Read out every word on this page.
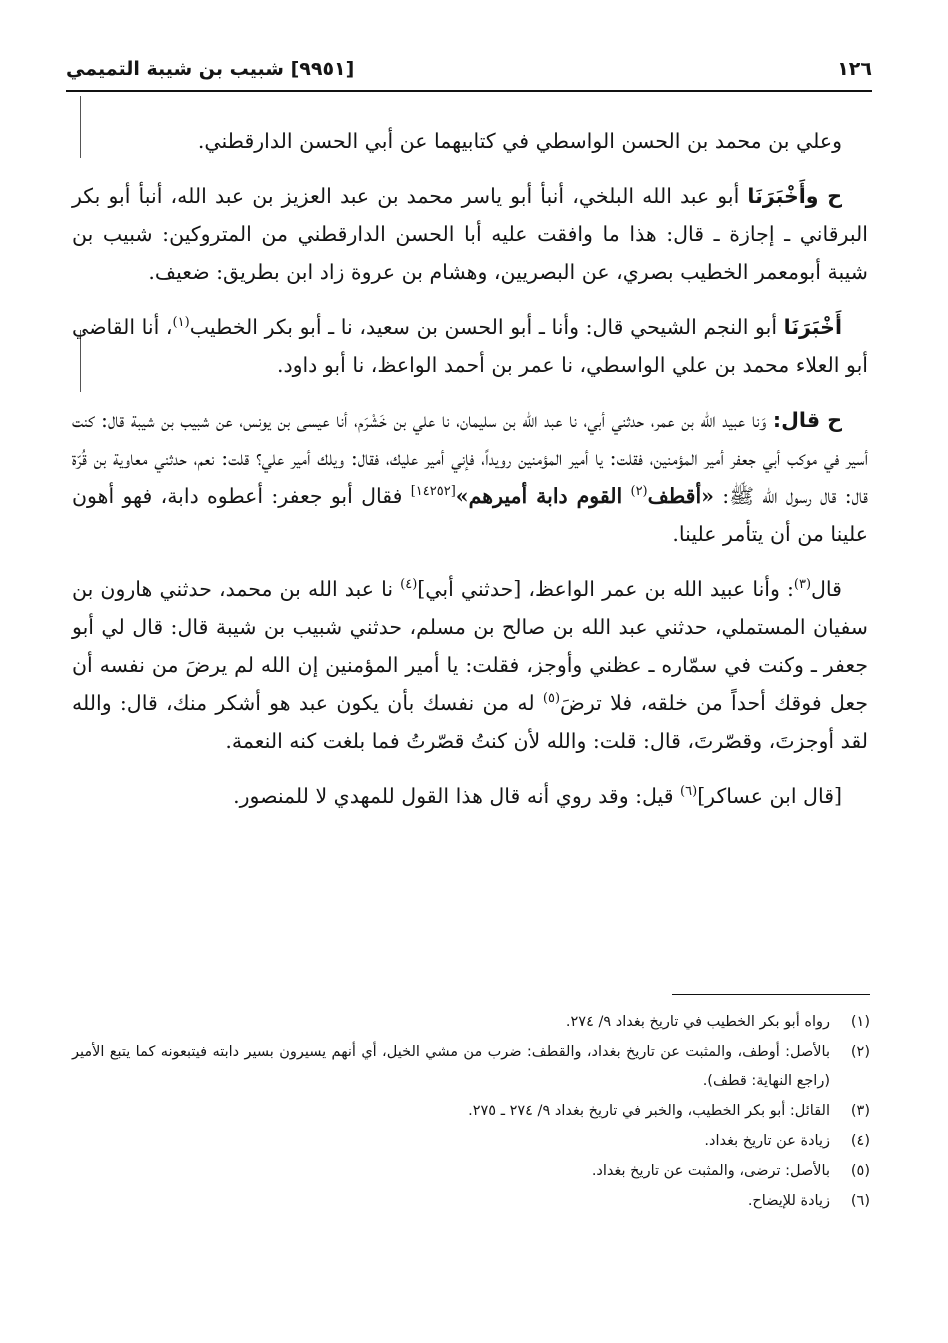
١٢٦
[٩٩٥١] شبيب بن شيبة التميمي

وعلي بن محمد بن الحسن الواسطي في كتابيهما عن أبي الحسن الدارقطني.

ح وأَخْبَرَنَا أبو عبد الله البلخي، أنبأ أبو ياسر محمد بن عبد العزيز بن عبد الله، أنبأ أبو بكر البرقاني ـ إجازة ـ قال: هذا ما وافقت عليه أبا الحسن الدارقطني من المتروكين: شبيب بن شيبة أبومعمر الخطيب بصري، عن البصريين، وهشام بن عروة زاد ابن بطريق: ضعيف.

أَخْبَرَنَا أبو النجم الشيحي قال: وأنا ـ أبو الحسن بن سعيد، نا ـ أبو بكر الخطيب$^{(١)}$، أنا القاضي أبو العلاء محمد بن علي الواسطي، نا عمر بن أحمد الواعظ، نا أبو داود.

ح قال: وَنا عبيد الله بن عمر، حدثني أبي، نا عبد الله بن سليمان، نا علي بن خَشْرَم، أنا عيسى بن يونس، عن شبيب بن شيبة قال: كنت أسير في موكب أبي جعفر أمير المؤمنين، فقلت: يا أمير المؤمنين رويداً، فإني أمير عليك، فقال: ويلك أمير علي؟ قلت: نعم، حدثني معاوية بن قُرّة قال: قال رسول الله ﷺ: «أقطف$^{(٢)}$ القوم دابة أميرهم»[١٤٢٥٢] فقال أبو جعفر: أعطوه دابة، فهو أهون علينا من أن يتأمر علينا.

قال$^{(٣)}$: وأنا عبيد الله بن عمر الواعظ، [حدثني أبي]$^{(٤)}$ نا عبد الله بن محمد، حدثني هارون بن سفيان المستملي، حدثني عبد الله بن صالح بن مسلم، حدثني شبيب بن شيبة قال: قال لي أبو جعفر ـ وكنت في سمّاره ـ عظني وأوجز، فقلت: يا أمير المؤمنين إن الله لم يرضَ من نفسه أن جعل فوقك أحداً من خلقه، فلا ترضَ$^{(٥)}$ له من نفسك بأن يكون عبد هو أشكر منك، قال: والله لقد أوجزتَ، وقصّرتَ، قال: قلت: والله لأن كنتُ قصّرتُ فما بلغت كنه النعمة.

[قال ابن عساكر]$^{(٦)}$ قيل: وقد روي أنه قال هذا القول للمهدي لا للمنصور.

(١)
رواه أبو بكر الخطيب في تاريخ بغداد ٩/ ٢٧٤.
(٢)
بالأصل: أوطف، والمثبت عن تاريخ بغداد، والقطف: ضرب من مشي الخيل، أي أنهم يسيرون بسير دابته فيتبعونه كما يتبع الأمير (راجع النهاية: قطف).
(٣)
القائل: أبو بكر الخطيب، والخبر في تاريخ بغداد ٩/ ٢٧٤ ـ ٢٧٥.
(٤)
زيادة عن تاريخ بغداد.
(٥)
بالأصل: ترضى، والمثبت عن تاريخ بغداد.
(٦)
زيادة للإيضاح.
